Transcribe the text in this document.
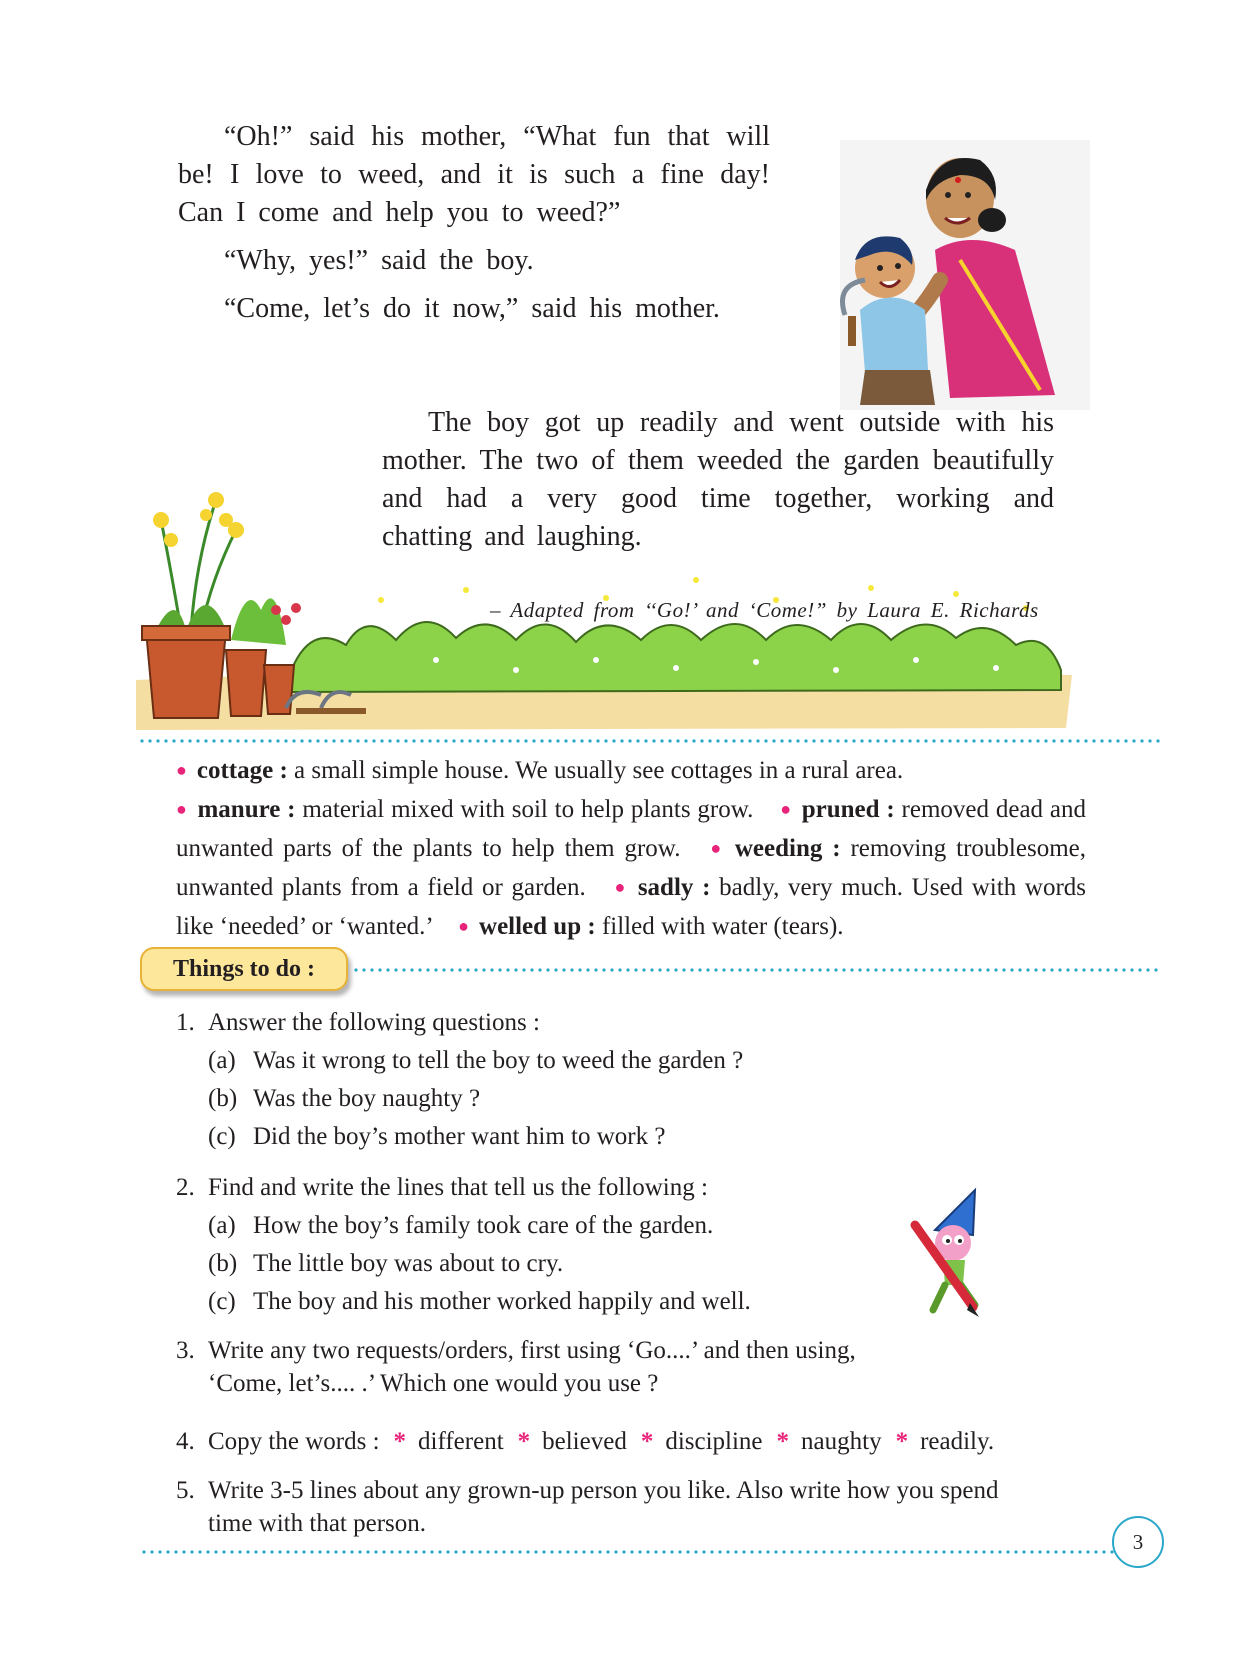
“Oh!” said his mother, “What fun that will be! I love to weed, and it is such a fine day! Can I come and help you to weed?”

“Why, yes!” said the boy.

“Come, let’s do it now,” said his mother.

The boy got up readily and went outside with his mother. The two of them weeded the garden beautifully and had a very good time together, working and chatting and laughing.

– Adapted from ‘‘Go!’ and ‘Come!” by Laura E. Richards
● cottage : a small simple house. We usually see cottages in a rural area.
● manure : material mixed with soil to help plants grow. ● pruned : removed dead and unwanted parts of the plants to help them grow. ● weeding : removing troublesome, unwanted plants from a field or garden. ● sadly : badly, very much. Used with words like ‘needed’ or ‘wanted.’ ● welled up : filled with water (tears).
Things to do :
1. Answer the following questions :
(a) Was it wrong to tell the boy to weed the garden ?
(b) Was the boy naughty ?
(c) Did the boy’s mother want him to work ?
2. Find and write the lines that tell us the following :
(a) How the boy’s family took care of the garden.
(b) The little boy was about to cry.
(c) The boy and his mother worked happily and well.
3. Write any two requests/orders, first using ‘Go....’ and then using,
‘Come, let’s.... .’ Which one would you use ?
4. Copy the words : * different * believed * discipline * naughty * readily.
5. Write 3-5 lines about any grown-up person you like. Also write how you spend
time with that person.
3
